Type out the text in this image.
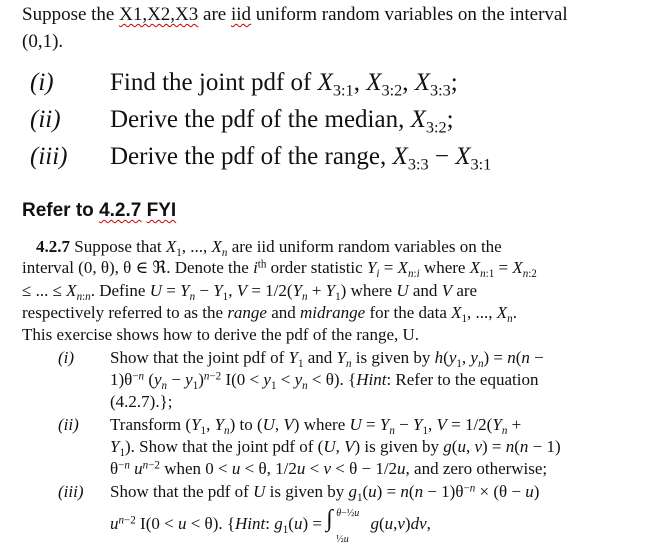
Suppose the X1,X2,X3 are iid uniform random variables on the interval
(0,1).
(i) Find the joint pdf of $X_{3:1}$, $X_{3:2}$, $X_{3:3}$;
(ii) Derive the pdf of the median, $X_{3:2}$;
(iii) Derive the pdf of the range, $X_{3:3} - X_{3:1}$
Refer to 4.2.7 FYI
4.2.7 Suppose that $X_1$, ..., $X_n$ are iid uniform random variables on the
interval (0, θ), θ ∈ ℜ. Denote the $i^{th}$ order statistic $Y_i = X_{n:i}$ where $X_{n:1} = X_{n:2}$
≤ ... ≤ $X_{n:n}$. Define $U = Y_n - Y_1$, $V = 1/2(Y_n + Y_1)$ where U and V are
respectively referred to as the range and midrange for the data $X_1$, ..., $X_n$.
This exercise shows how to derive the pdf of the range, U.
(i) Show that the joint pdf of $Y_1$ and $Y_n$ is given by $h(y_1$, $y_n) = n(n$ −
$1)\theta^{-n}$ $(y_n - y_1)^{n-2}$ $I(0 < y_1 < y_n < \theta)$. {Hint: Refer to the equation
(4.2.7).};
(ii) Transform ($Y_1$, $Y_n$) to (U, V) where $U = Y_n - Y_1$, $V = 1/2(Y_n$ +
$Y_1$). Show that the joint pdf of (U, V) is given by g(u, v) = n(n − 1)
$\theta^{-n}$ $u^{n-2}$ when 0 < u < θ, 1/2u < v < θ − 1/2u, and zero otherwise;
(iii) Show that the pdf of U is given by $g_1(u) = n(n - 1)\theta^{-n} \times (\theta - u)$
$u^{n-2}$ I(0 < u < θ). {Hint: $g_1(u)$ = ∫ θ−½u
½u
g(u,v)dv,
